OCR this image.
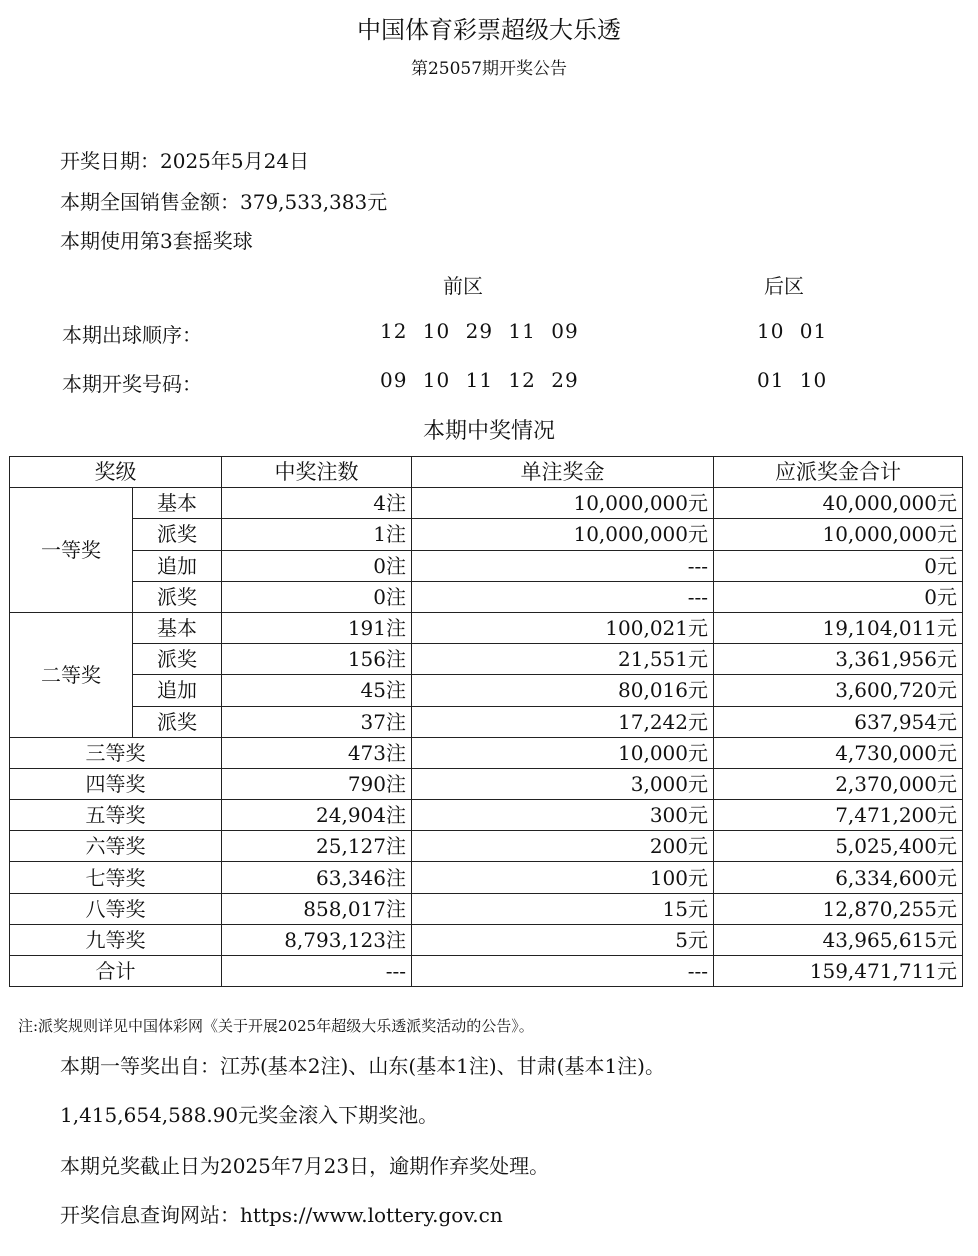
中国体育彩票超级大乐透
第25057期开奖公告
开奖日期：2025年5月24日
本期全国销售金额：379,533,383元
本期使用第3套摇奖球
前区	后区
本期出球顺序：	12 10 29 11 09	10 01
本期开奖号码：	09 10 11 12 29	01 10
本期中奖情况
奖级		中奖注数	单注奖金	应派奖金合计
一等奖	基本	4注	10,000,000元	40,000,000元
	派奖	1注	10,000,000元	10,000,000元
	追加	0注	---	0元
	派奖	0注	---	0元
二等奖	基本	191注	100,021元	19,104,011元
	派奖	156注	21,551元	3,361,956元
	追加	45注	80,016元	3,600,720元
	派奖	37注	17,242元	637,954元
三等奖		473注	10,000元	4,730,000元
四等奖		790注	3,000元	2,370,000元
五等奖		24,904注	300元	7,471,200元
六等奖		25,127注	200元	5,025,400元
七等奖		63,346注	100元	6,334,600元
八等奖		858,017注	15元	12,870,255元
九等奖		8,793,123注	5元	43,965,615元
合计		---	---	159,471,711元
注:派奖规则详见中国体彩网《关于开展2025年超级大乐透派奖活动的公告》。
本期一等奖出自：江苏(基本2注)、山东(基本1注)、甘肃(基本1注)。
1,415,654,588.90元奖金滚入下期奖池。
本期兑奖截止日为2025年7月23日，逾期作弃奖处理。
开奖信息查询网站：https://www.lottery.gov.cn
